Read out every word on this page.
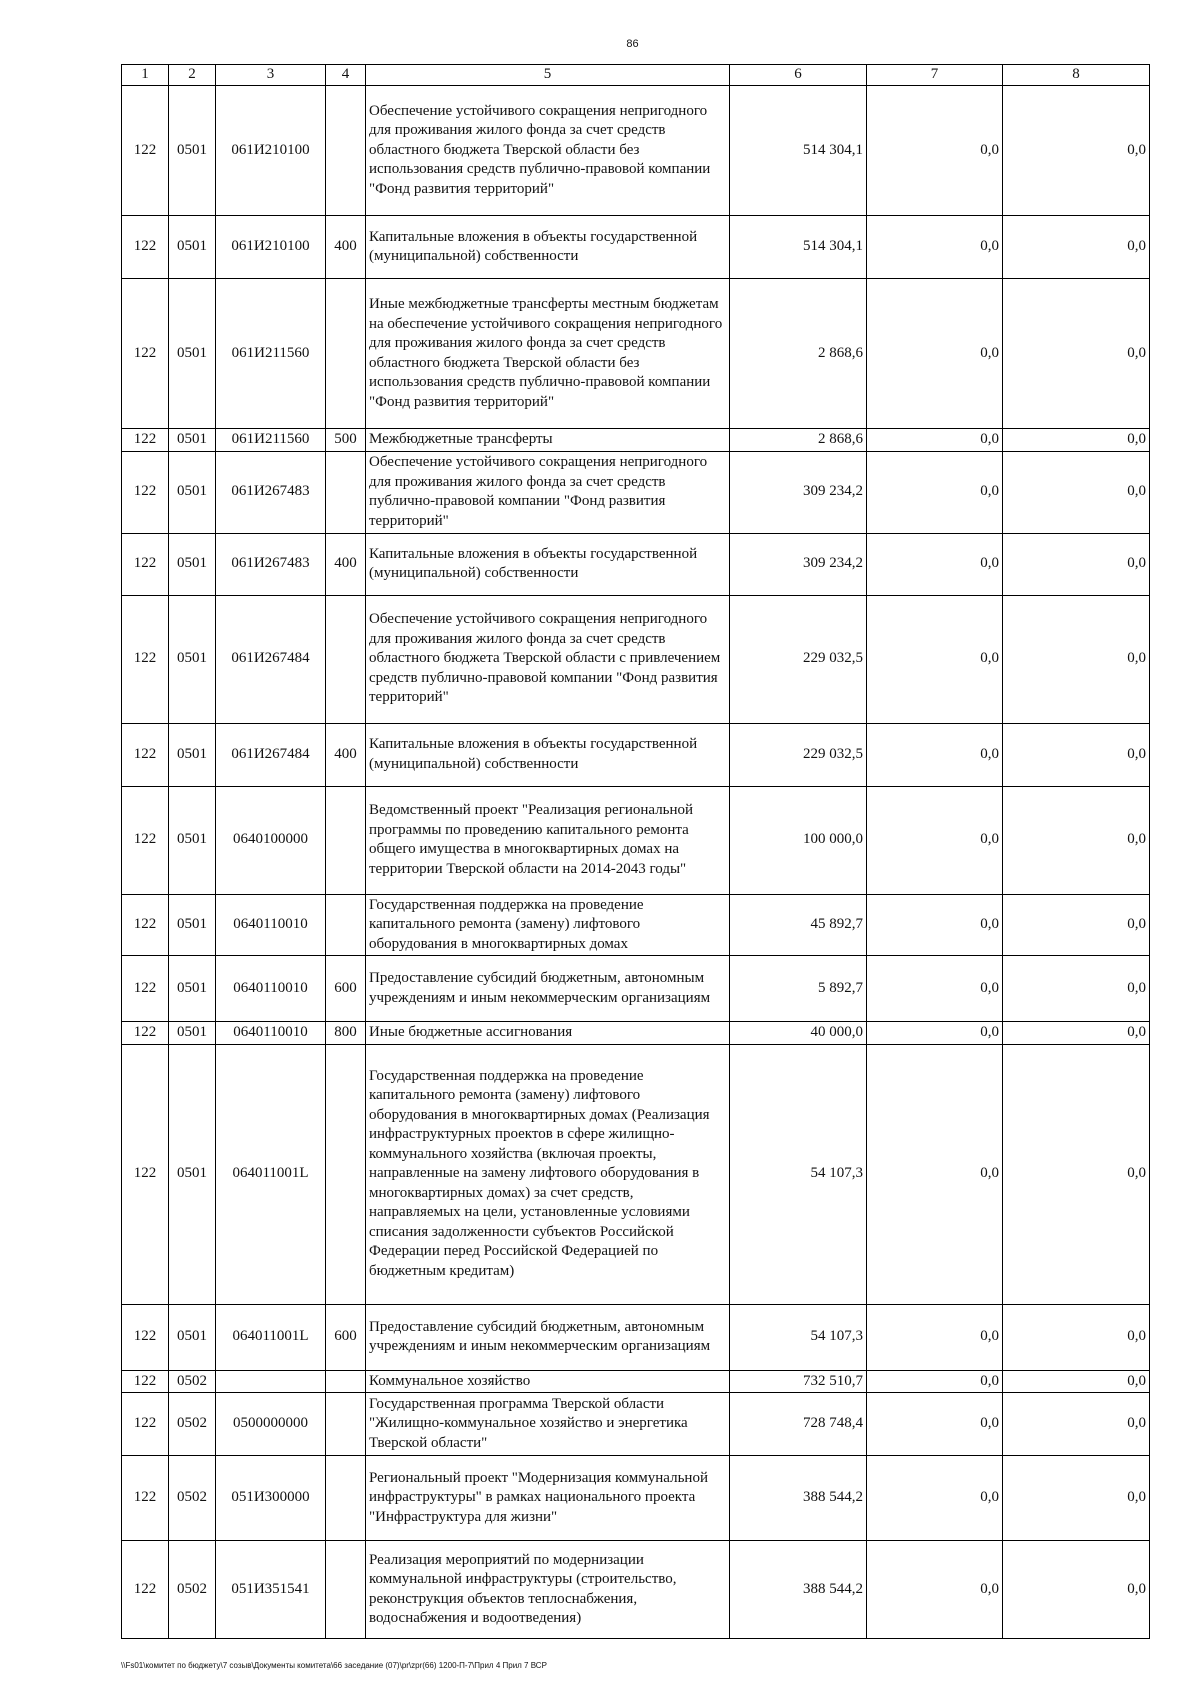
86
1	2	3	4	5	6	7	8
122	0501	061И210100		Обеспечение устойчивого сокращения непригодного для проживания жилого фонда за счет средств областного бюджета Тверской области без использования средств публично-правовой компании "Фонд развития территорий"	514 304,1	0,0	0,0
122	0501	061И210100	400	Капитальные вложения в объекты государственной (муниципальной) собственности	514 304,1	0,0	0,0
122	0501	061И211560		Иные межбюджетные трансферты местным бюджетам на обеспечение устойчивого сокращения непригодного для проживания жилого фонда за счет средств областного бюджета Тверской области без использования средств публично-правовой компании "Фонд развития территорий"	2 868,6	0,0	0,0
122	0501	061И211560	500	Межбюджетные трансферты	2 868,6	0,0	0,0
122	0501	061И267483		Обеспечение устойчивого сокращения непригодного для проживания жилого фонда за счет средств публично-правовой компании "Фонд развития территорий"	309 234,2	0,0	0,0
122	0501	061И267483	400	Капитальные вложения в объекты государственной (муниципальной) собственности	309 234,2	0,0	0,0
122	0501	061И267484		Обеспечение устойчивого сокращения непригодного для проживания жилого фонда за счет средств областного бюджета Тверской области с привлечением средств публично-правовой компании "Фонд развития территорий"	229 032,5	0,0	0,0
122	0501	061И267484	400	Капитальные вложения в объекты государственной (муниципальной) собственности	229 032,5	0,0	0,0
122	0501	0640100000		Ведомственный проект "Реализация региональной программы по проведению капитального ремонта общего имущества в многоквартирных домах на территории Тверской области на 2014-2043 годы"	100 000,0	0,0	0,0
122	0501	0640110010		Государственная поддержка на проведение капитального ремонта (замену) лифтового оборудования в многоквартирных домах	45 892,7	0,0	0,0
122	0501	0640110010	600	Предоставление субсидий бюджетным, автономным учреждениям и иным некоммерческим организациям	5 892,7	0,0	0,0
122	0501	0640110010	800	Иные бюджетные ассигнования	40 000,0	0,0	0,0
122	0501	064011001L		Государственная поддержка на проведение капитального ремонта (замену) лифтового оборудования в многоквартирных домах (Реализация инфраструктурных проектов в сфере жилищно-коммунального хозяйства (включая проекты, направленные на замену лифтового оборудования в многоквартирных домах) за счет средств, направляемых на цели, установленные условиями списания задолженности субъектов Российской Федерации перед Российской Федерацией по бюджетным кредитам)	54 107,3	0,0	0,0
122	0501	064011001L	600	Предоставление субсидий бюджетным, автономным учреждениям и иным некоммерческим организациям	54 107,3	0,0	0,0
122	0502			Коммунальное хозяйство	732 510,7	0,0	0,0
122	0502	0500000000		Государственная программа Тверской области "Жилищно-коммунальное хозяйство и энергетика Тверской области"	728 748,4	0,0	0,0
122	0502	051И300000		Региональный проект "Модернизация коммунальной инфраструктуры" в рамках национального проекта "Инфраструктура для жизни"	388 544,2	0,0	0,0
122	0502	051И351541		Реализация мероприятий по модернизации коммунальной инфраструктуры (строительство, реконструкция объектов теплоснабжения, водоснабжения и водоотведения)	388 544,2	0,0	0,0
\\Fs01\комитет по бюджету\7 созыв\Документы комитета\66 заседание (07)\pr\zpr(66) 1200-П-7\Прил 4 Прил 7 ВСР
